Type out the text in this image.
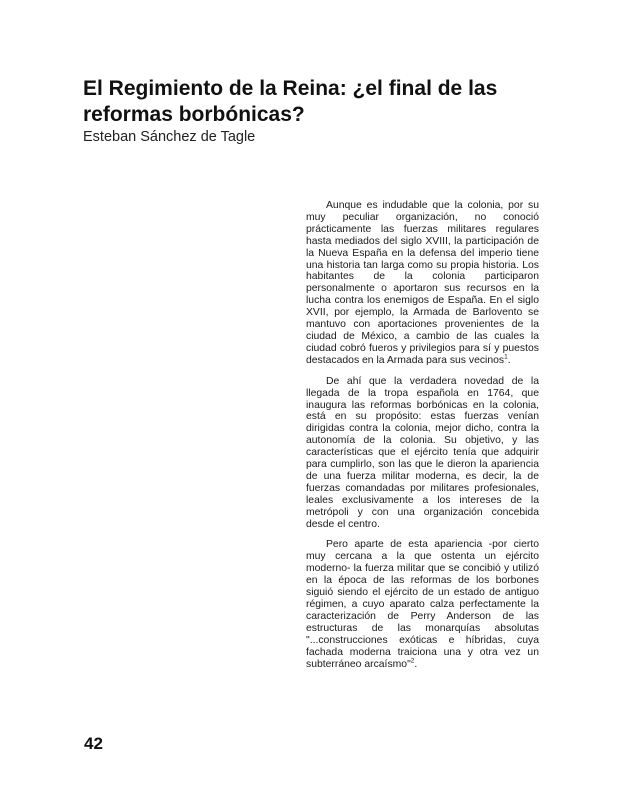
El Regimiento de la Reina: ¿el final de las
reformas borbónicas?
Esteban Sánchez de Tagle

Aunque es indudable que la colonia, por su muy peculiar organización, no conoció prácticamente las fuerzas militares regulares hasta mediados del siglo XVIII, la participación de la Nueva España en la defensa del imperio tiene una historia tan larga como su propia historia. Los habitantes de la colonia participaron personalmente o aportaron sus recursos en la lucha contra los enemigos de España. En el siglo XVII, por ejemplo, la Armada de Barlovento se mantuvo con aportaciones provenientes de la ciudad de México, a cambio de las cuales la ciudad cobró fueros y privilegios para sí y puestos destacados en la Armada para sus vecinos$^1$.

De ahí que la verdadera novedad de la llegada de la tropa española en 1764, que inaugura las reformas borbónicas en la colonia, está en su propósito: estas fuerzas venían dirigidas contra la colonia, mejor dicho, contra la autonomía de la colonia. Su objetivo, y las características que el ejército tenía que adquirir para cumplirlo, son las que le dieron la apariencia de una fuerza militar moderna, es decir, la de fuerzas comandadas por militares profesionales, leales exclusivamente a los intereses de la metrópoli y con una organización concebida desde el centro.

Pero aparte de esta apariencia -por cierto muy cercana a la que ostenta un ejército moderno- la fuerza militar que se concibió y utilizó en la época de las reformas de los borbones siguió siendo el ejército de un estado de antiguo régimen, a cuyo aparato calza perfectamente la caracterización de Perry Anderson de las estructuras de las monarquías absolutas "...construcciones exóticas e híbridas, cuya fachada moderna traiciona una y otra vez un subterráneo arcaísmo"$^2$.

42
